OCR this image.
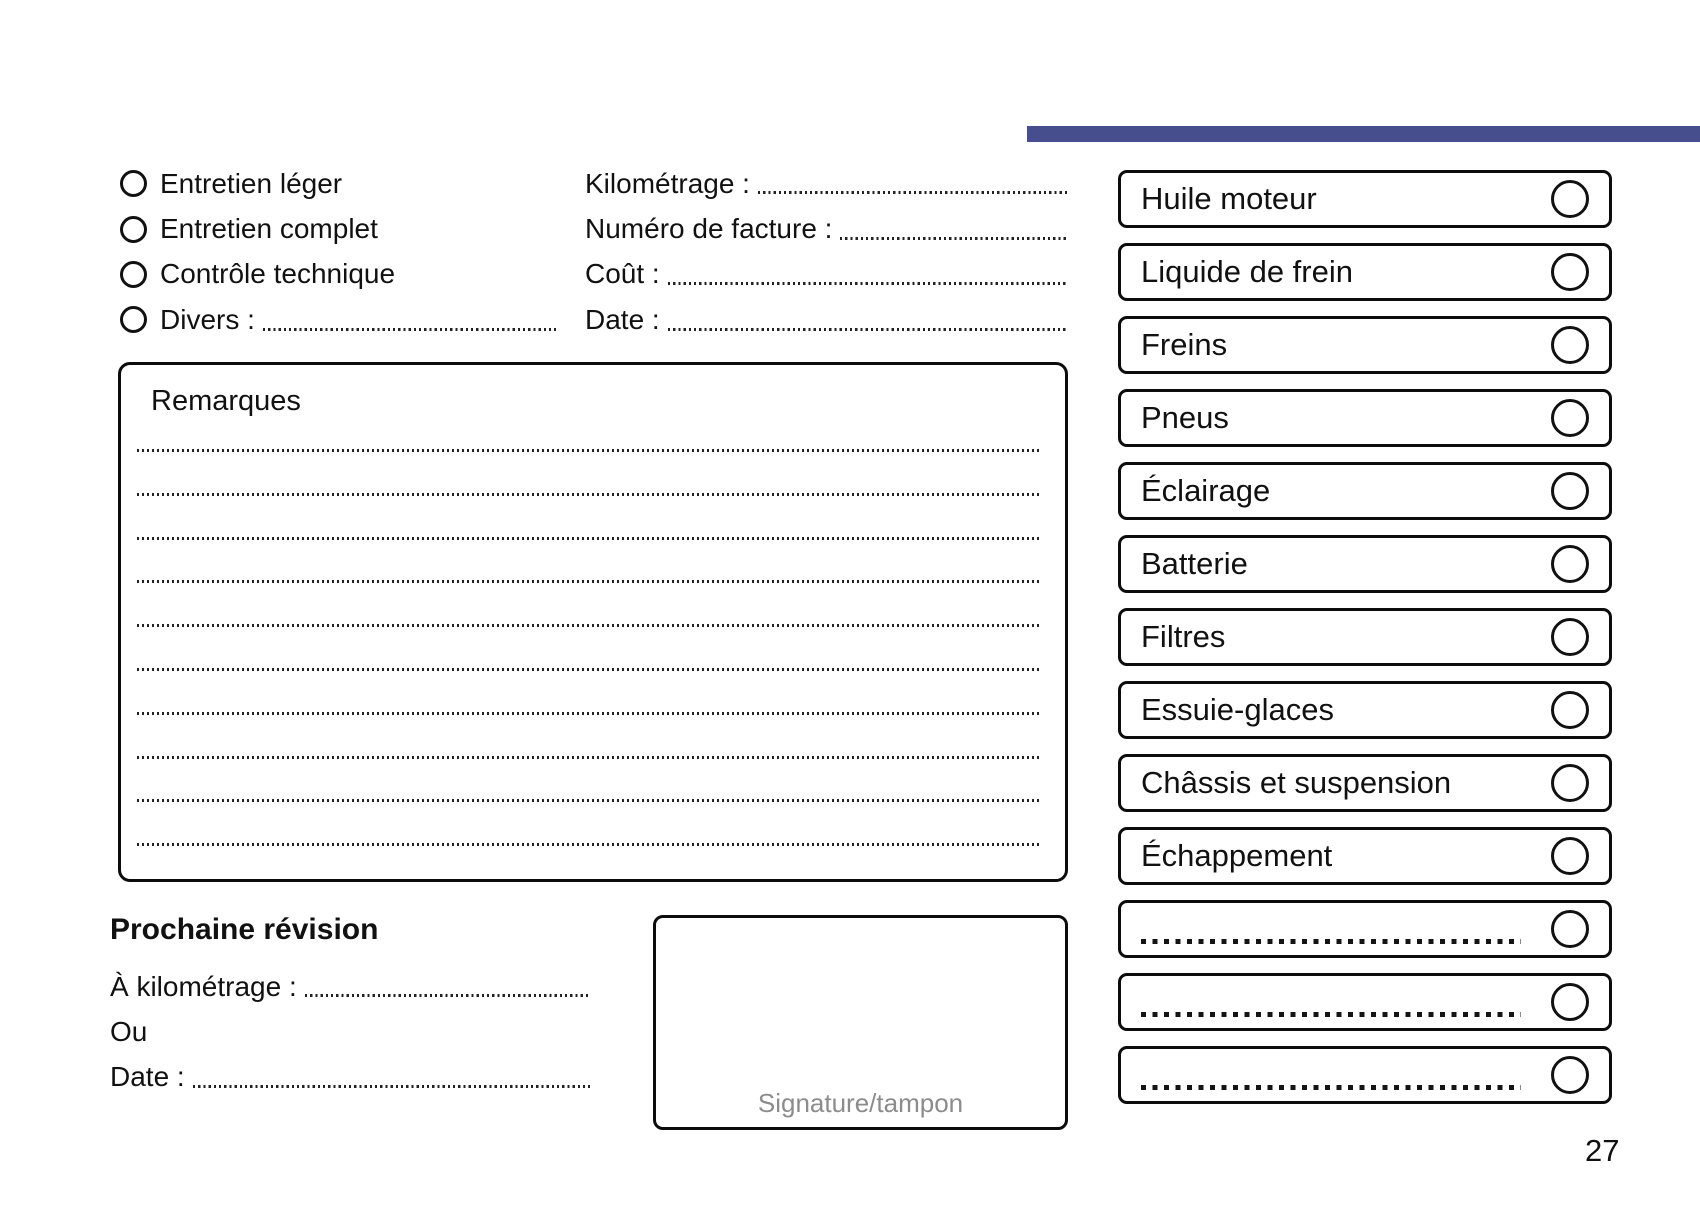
Entretien léger
Entretien complet
Contrôle technique
Divers :
Kilométrage :
Numéro de facture :
Coût :
Date :
Remarques
Prochaine révision
À kilométrage :
Ou
Date :
Signature/tampon
Huile moteur
Liquide de frein
Freins
Pneus
Éclairage
Batterie
Filtres
Essuie-glaces
Châssis et suspension
Échappement
27
